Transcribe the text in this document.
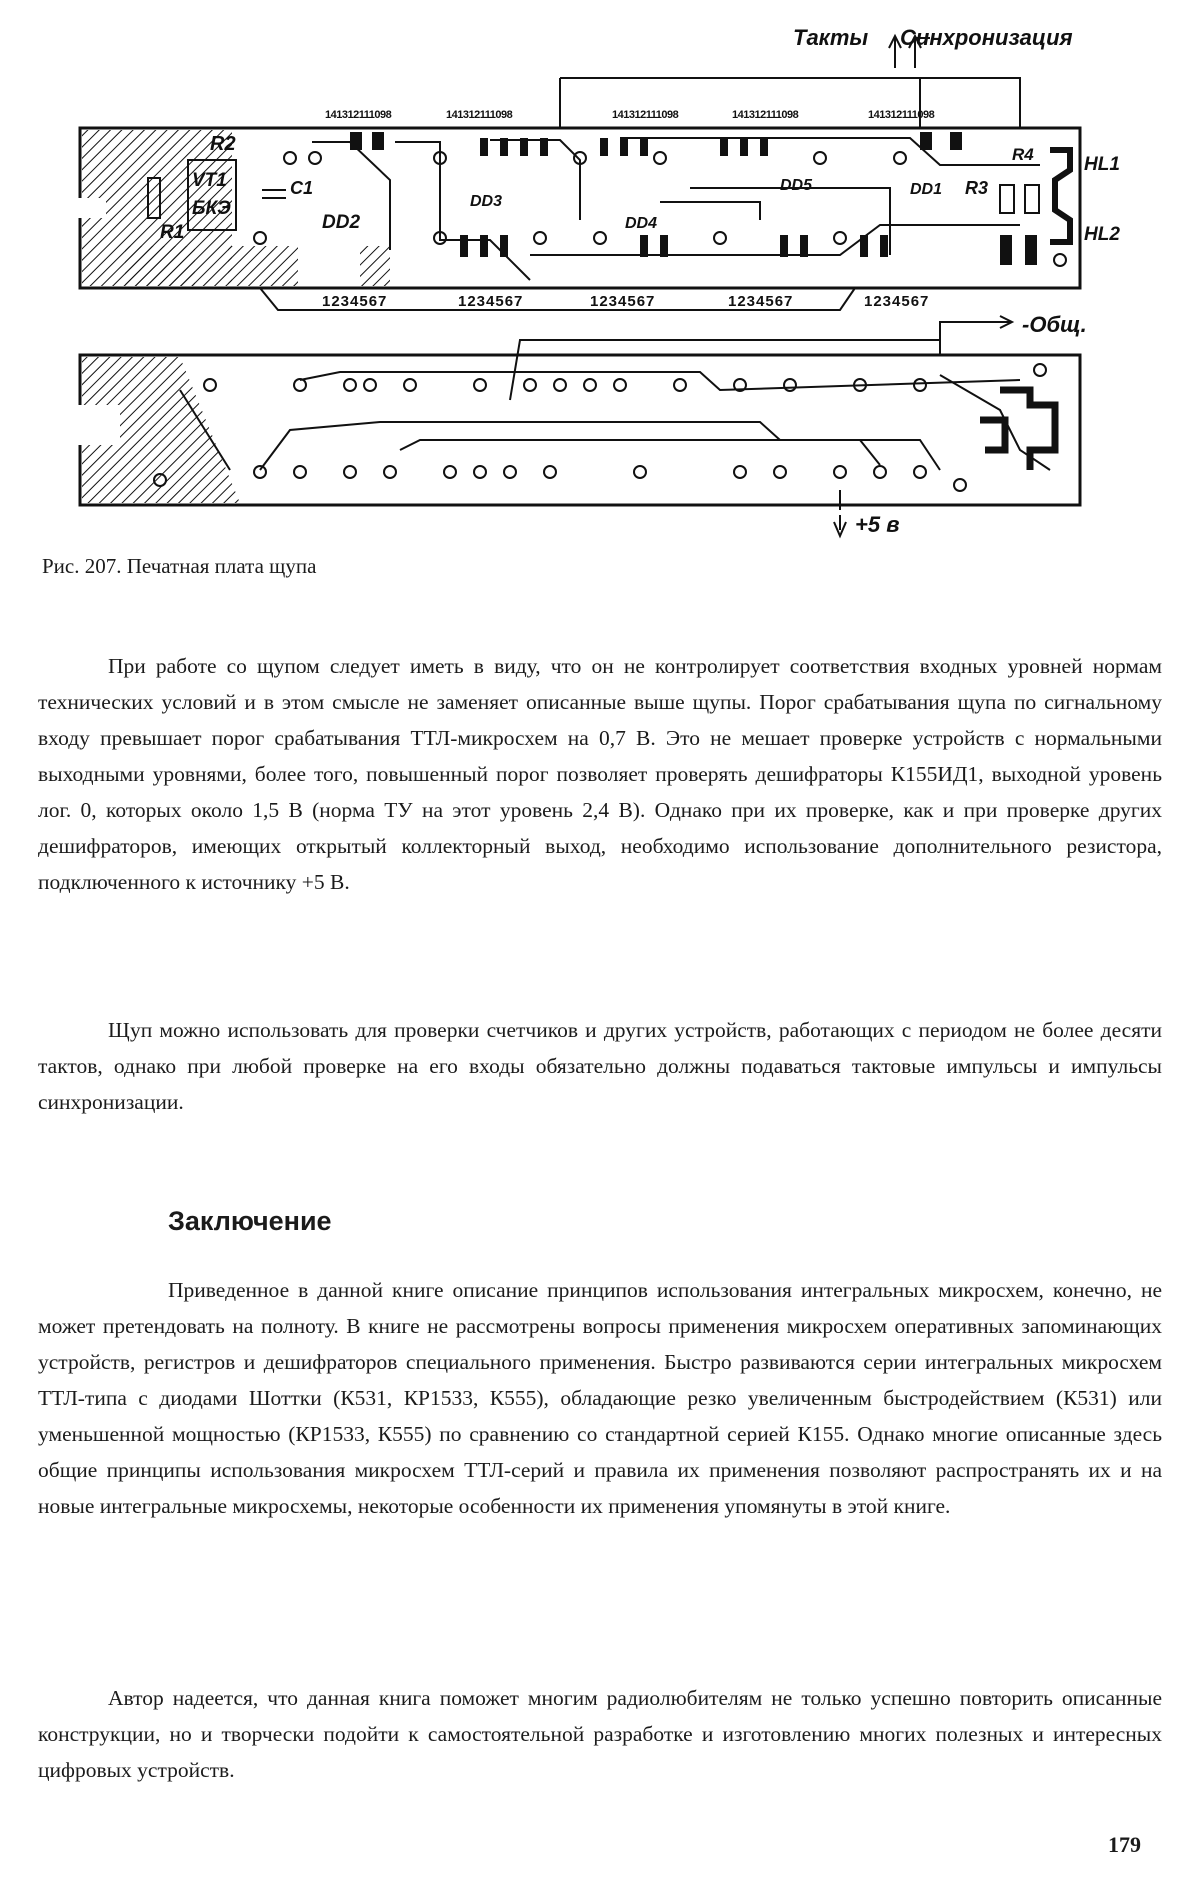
Такты Синхронизация
141312111098	141312111098	141312111098	141312111098	141312111098
R2
VT1
БКЭ
R1
C1
DD2
DD3
DD4
DD5	DD1 R3
R4	HL1
HL2
1234567	1234567	1234567	1234567	1234567
-Общ.
+5 в
Рис. 207. Печатная плата щупа

При работе со щупом следует иметь в виду, что он не контролирует соответствия входных уровней нормам технических условий и в этом смысле не заменяет описанные выше щупы. Порог срабатывания щупа по сигнальному входу превышает порог срабатывания ТТЛ-микросхем на 0,7 В. Это не мешает проверке устройств с нормальными выходными уровнями, более того, повышенный порог позволяет проверять дешифраторы К155ИД1, выходной уровень лог. 0, которых около 1,5 В (норма ТУ на этот уровень 2,4 В). Однако при их проверке, как и при проверке других дешифраторов, имеющих открытый коллекторный выход, необходимо использование дополнительного резистора, подключенного к источнику +5 В.

Щуп можно использовать для проверки счетчиков и других устройств, работающих с периодом не более десяти тактов, однако при любой проверке на его входы обязательно должны подаваться тактовые импульсы и импульсы синхронизации.

Заключение

Приведенное в данной книге описание принципов использования интегральных микросхем, конечно, не может претендовать на полноту. В книге не рассмотрены вопросы применения микросхем оперативных запоминающих устройств, регистров и дешифраторов специального применения. Быстро развиваются серии интегральных микросхем ТТЛ-типа с диодами Шоттки (К531, КР1533, К555), обладающие резко увеличенным быстродействием (К531) или уменьшенной мощностью (КР1533, К555) по сравнению со стандартной серией К155. Однако многие описанные здесь общие принципы использования микросхем ТТЛ-серий и правила их применения позволяют распространять их и на новые интегральные микросхемы, некоторые особенности их применения упомянуты в этой книге.

Автор надеется, что данная книга поможет многим радиолюбителям не только успешно повторить описанные конструкции, но и творчески подойти к самостоятельной разработке и изготовлению многих полезных и интересных цифровых устройств.

179
